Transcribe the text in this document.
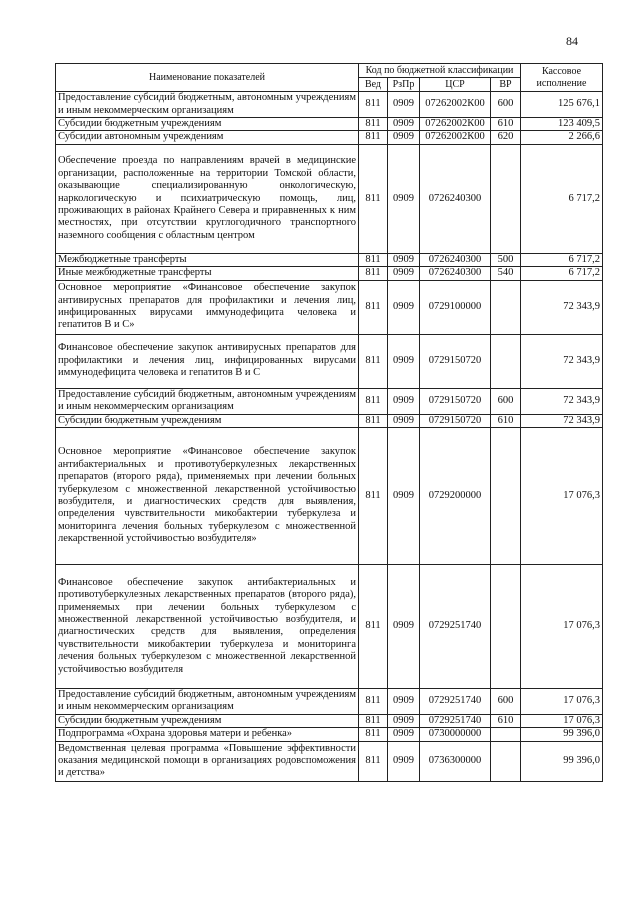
84
Наименование показателей	Код по бюджетной классификации				Кассовое исполнение
	Вед	РзПр	ЦСР	ВР	
Предоставление субсидий бюджетным, автономным учреждениям и иным некоммерческим организациям	811	0909	07262002К00	600	125 676,1
Субсидии бюджетным учреждениям	811	0909	07262002К00	610	123 409,5
Субсидии автономным учреждениям	811	0909	07262002К00	620	2 266,6
Обеспечение проезда по направлениям врачей в медицинские организации, расположенные на территории Томской области, оказывающие специализированную онкологическую, наркологическую и психиатрическую помощь, лиц, проживающих в районах Крайнего Севера и приравненных к ним местностях, при отсутствии круглогодичного транспортного наземного сообщения с областным центром	811	0909	0726240300		6 717,2
Межбюджетные трансферты	811	0909	0726240300	500	6 717,2
Иные межбюджетные трансферты	811	0909	0726240300	540	6 717,2
Основное мероприятие «Финансовое обеспечение закупок антивирусных препаратов для профилактики и лечения лиц, инфицированных вирусами иммунодефицита человека и гепатитов В и С»	811	0909	0729100000		72 343,9
Финансовое обеспечение закупок антивирусных препаратов для профилактики и лечения лиц, инфицированных вирусами иммунодефицита человека и гепатитов В и С	811	0909	0729150720		72 343,9
Предоставление субсидий бюджетным, автономным учреждениям и иным некоммерческим организациям	811	0909	0729150720	600	72 343,9
Субсидии бюджетным учреждениям	811	0909	0729150720	610	72 343,9
Основное мероприятие «Финансовое обеспечение закупок антибактериальных и противотуберкулезных лекарственных препаратов (второго ряда), применяемых при лечении больных туберкулезом с множественной лекарственной устойчивостью возбудителя, и диагностических средств для выявления, определения чувствительности микобактерии туберкулеза и мониторинга лечения больных туберкулезом с множественной лекарственной устойчивостью возбудителя»	811	0909	0729200000		17 076,3
Финансовое обеспечение закупок антибактериальных и противотуберкулезных лекарственных препаратов (второго ряда), применяемых при лечении больных туберкулезом с множественной лекарственной устойчивостью возбудителя, и диагностических средств для выявления, определения чувствительности микобактерии туберкулеза и мониторинга лечения больных туберкулезом с множественной лекарственной устойчивостью возбудителя	811	0909	0729251740		17 076,3
Предоставление субсидий бюджетным, автономным учреждениям и иным некоммерческим организациям	811	0909	0729251740	600	17 076,3
Субсидии бюджетным учреждениям	811	0909	0729251740	610	17 076,3
Подпрограмма «Охрана здоровья матери и ребенка»	811	0909	0730000000		99 396,0
Ведомственная целевая программа «Повышение эффективности оказания медицинской помощи в организациях родовспоможения и детства»	811	0909	0736300000		99 396,0
